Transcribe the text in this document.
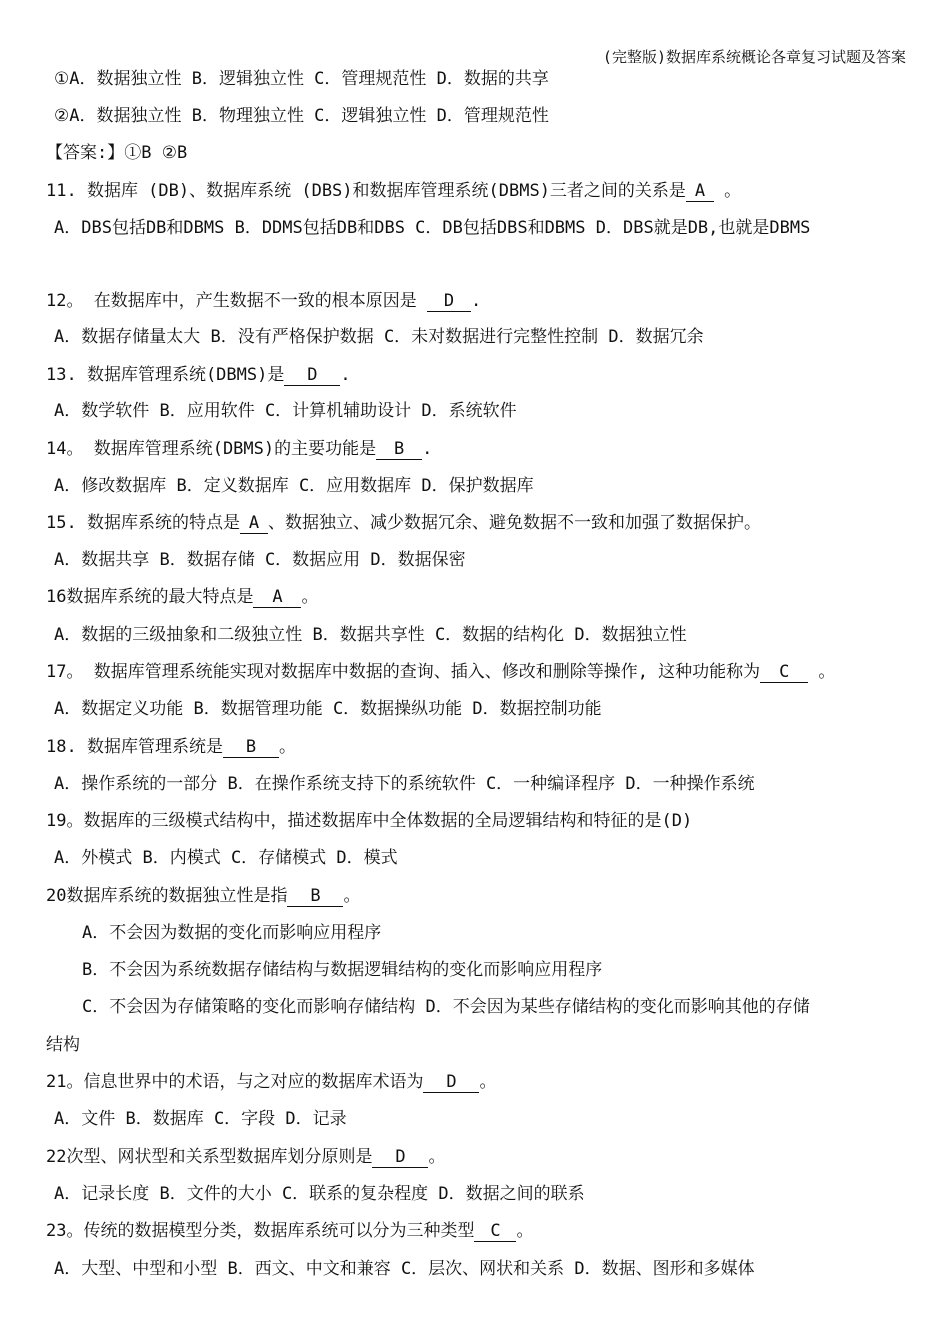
(完整版)数据库系统概论各章复习试题及答案
①A．数据独立性 B．逻辑独立性 C．管理规范性 D．数据的共享
②A．数据独立性 B．物理独立性 C．逻辑独立性 D．管理规范性
【答案:】①B ②B
11. 数据库 (DB)、数据库系统 (DBS)和数据库管理系统(DBMS)三者之间的关系是 A 。
A．DBS包括DB和DBMS B．DDMS包括DB和DBS C．DB包括DBS和DBMS D．DBS就是DB,也就是DBMS
12。 在数据库中，产生数据不一致的根本原因是 D .
A．数据存储量太大 B．没有严格保护数据 C．未对数据进行完整性控制 D．数据冗余
13. 数据库管理系统(DBMS)是 D .
A．数学软件 B．应用软件 C．计算机辅助设计 D．系统软件
14。 数据库管理系统(DBMS)的主要功能是 B .
A．修改数据库 B．定义数据库 C．应用数据库 D．保护数据库
15. 数据库系统的特点是 A 、数据独立、减少数据冗余、避免数据不一致和加强了数据保护。
A．数据共享 B．数据存储 C．数据应用 D．数据保密
16数据库系统的最大特点是 A 。
A．数据的三级抽象和二级独立性 B．数据共享性 C．数据的结构化 D．数据独立性
17。 数据库管理系统能实现对数据库中数据的查询、插入、修改和删除等操作, 这种功能称为 C 。
A．数据定义功能 B．数据管理功能 C．数据操纵功能 D．数据控制功能
18. 数据库管理系统是 B 。
A．操作系统的一部分 B．在操作系统支持下的系统软件 C．一种编译程序 D．一种操作系统
19。数据库的三级模式结构中，描述数据库中全体数据的全局逻辑结构和特征的是(D)
A．外模式 B．内模式 C．存储模式 D．模式
20数据库系统的数据独立性是指 B 。
A．不会因为数据的变化而影响应用程序
B．不会因为系统数据存储结构与数据逻辑结构的变化而影响应用程序
C．不会因为存储策略的变化而影响存储结构 D．不会因为某些存储结构的变化而影响其他的存储
结构
21。信息世界中的术语，与之对应的数据库术语为 D 。
A．文件 B．数据库 C．字段 D．记录
22次型、网状型和关系型数据库划分原则是 D 。
A．记录长度 B．文件的大小 C．联系的复杂程度 D．数据之间的联系
23。传统的数据模型分类，数据库系统可以分为三种类型 C 。
A．大型、中型和小型 B．西文、中文和兼容 C．层次、网状和关系 D．数据、图形和多媒体
